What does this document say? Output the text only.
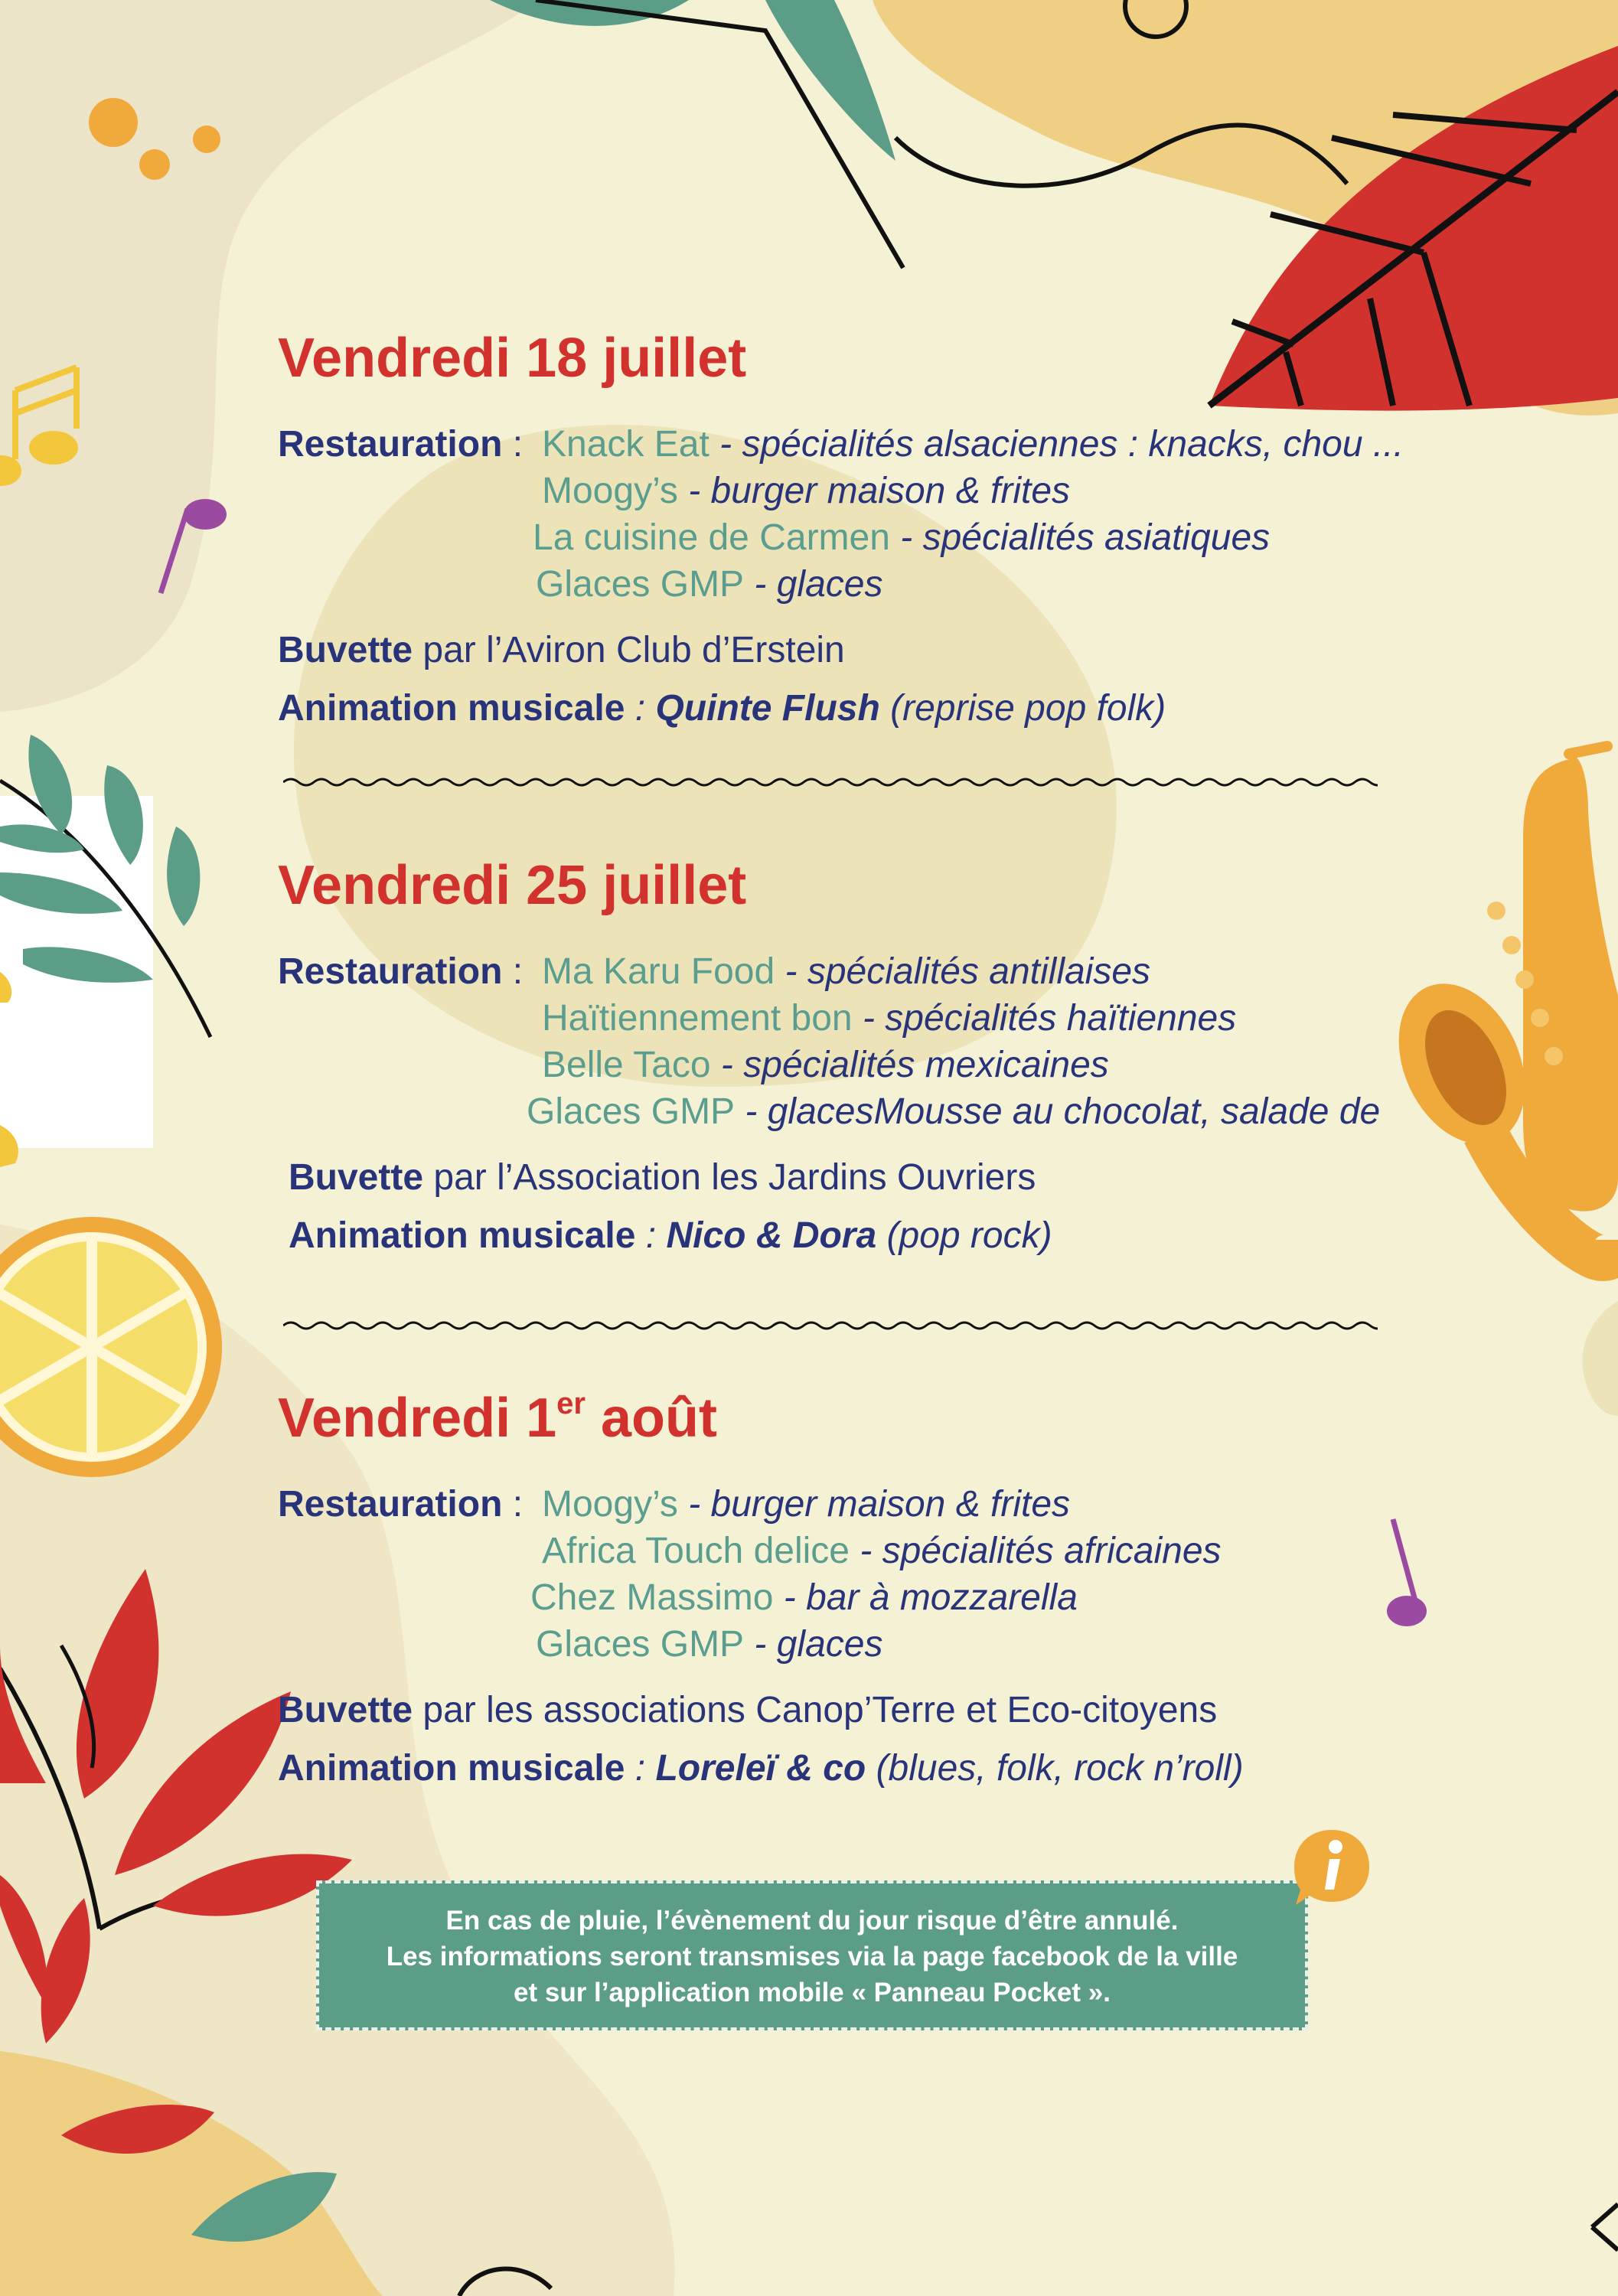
Vendredi 18 juillet
Restauration : Knack Eat - spécialités alsaciennes : knacks, chou ...
Moogy’s - burger maison & frites
La cuisine de Carmen - spécialités asiatiques
Glaces GMP - glaces
Buvette par l’Aviron Club d’Erstein
Animation musicale : Quinte Flush (reprise pop folk)
Vendredi 25 juillet
Restauration : Ma Karu Food - spécialités antillaises
Haïtiennement bon - spécialités haïtiennes
Belle Taco - spécialités mexicaines
Glaces GMP - glacesMousse au chocolat, salade de
Buvette par l’Association les Jardins Ouvriers
Animation musicale : Nico & Dora (pop rock)
Vendredi 1er août
Restauration : Moogy’s - burger maison & frites
Africa Touch delice - spécialités africaines
Chez Massimo - bar à mozzarella
Glaces GMP - glaces
Buvette par les associations Canop’Terre et Eco-citoyens
Animation musicale : Loreleï & co (blues, folk, rock n’roll)
En cas de pluie, l’évènement du jour risque d’être annulé.
Les informations seront transmises via la page facebook de la ville
et sur l’application mobile « Panneau Pocket ».
